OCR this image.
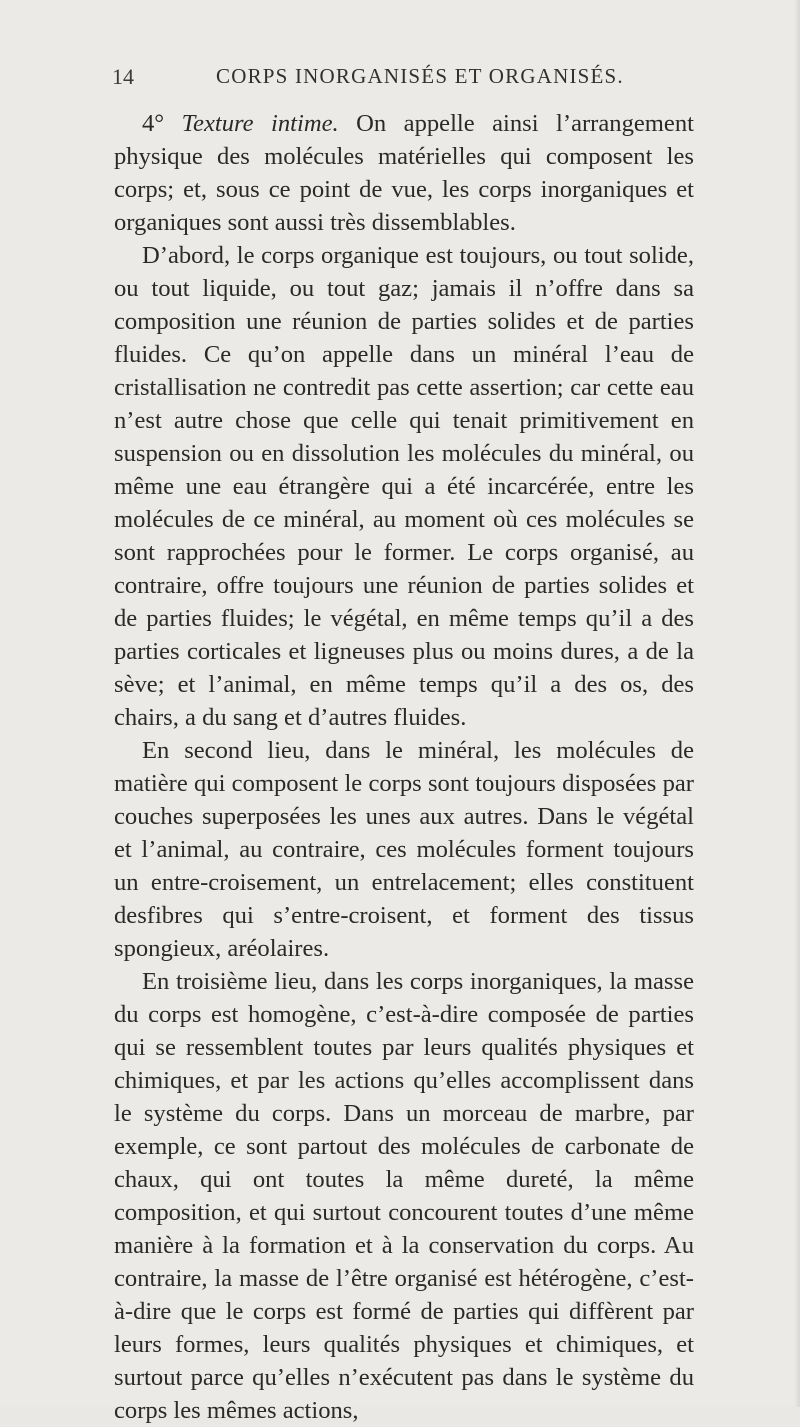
14	CORPS INORGANISÉS ET ORGANISÉS.

4° Texture intime. On appelle ainsi l’arrangement physique des molécules matérielles qui composent les corps; et, sous ce point de vue, les corps inorganiques et organiques sont aussi très dissemblables.

D’abord, le corps organique est toujours, ou tout solide, ou tout liquide, ou tout gaz; jamais il n’offre dans sa composition une réunion de parties solides et de parties fluides. Ce qu’on appelle dans un minéral l’eau de cristallisation ne contredit pas cette assertion; car cette eau n’est autre chose que celle qui tenait primitivement en suspension ou en dissolution les molécules du minéral, ou même une eau étrangère qui a été incarcérée, entre les molécules de ce minéral, au moment où ces molécules se sont rapprochées pour le former. Le corps organisé, au contraire, offre toujours une réunion de parties solides et de parties fluides; le végétal, en même temps qu’il a des parties corticales et ligneuses plus ou moins dures, a de la sève; et l’animal, en même temps qu’il a des os, des chairs, a du sang et d’autres fluides.

En second lieu, dans le minéral, les molécules de matière qui composent le corps sont toujours disposées par couches superposées les unes aux autres. Dans le végétal et l’animal, au contraire, ces molécules forment toujours un entre-croisement, un entrelacement; elles constituent desfibres qui s’entre-croisent, et forment des tissus spongieux, aréolaires.

En troisième lieu, dans les corps inorganiques, la masse du corps est homogène, c’est-à-dire composée de parties qui se ressemblent toutes par leurs qualités physiques et chimiques, et par les actions qu’elles accomplissent dans le système du corps. Dans un morceau de marbre, par exemple, ce sont partout des molécules de carbonate de chaux, qui ont toutes la même dureté, la même composition, et qui surtout concourent toutes d’une même manière à la formation et à la conservation du corps. Au contraire, la masse de l’être organisé est hétérogène, c’est-à-dire que le corps est formé de parties qui diffèrent par leurs formes, leurs qualités physiques et chimiques, et surtout parce qu’elles n’exécutent pas dans le système du corps les mêmes actions,
